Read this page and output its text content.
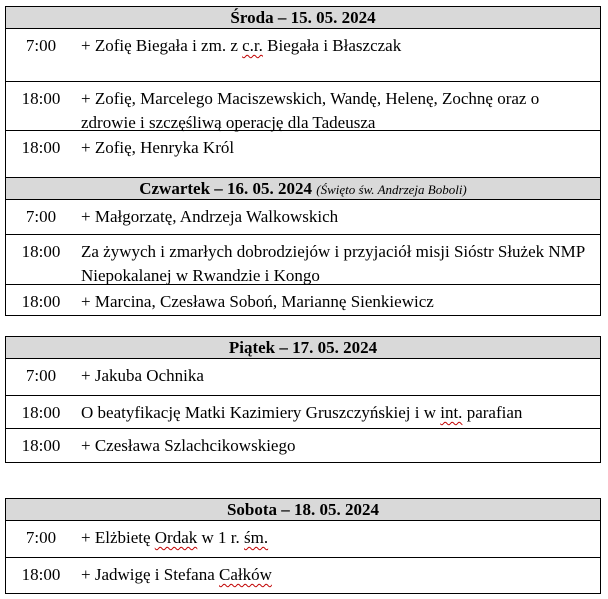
Środa – 15. 05. 2024
7:00	+ Zofię Biegała i zm. z c.r. Biegała i Błaszczak
18:00	+ Zofię, Marcelego Maciszewskich, Wandę, Helenę, Zochnę oraz o zdrowie i szczęśliwą operację dla Tadeusza
18:00	+ Zofię, Henryka Król
Czwartek – 16. 05. 2024 (Święto św. Andrzeja Boboli)
7:00	+ Małgorzatę, Andrzeja Walkowskich
18:00	Za żywych i zmarłych dobrodziejów i przyjaciół misji Sióstr Służek NMP Niepokalanej w Rwandzie i Kongo
18:00	+ Marcina, Czesława Soboń, Mariannę Sienkiewicz
Piątek – 17. 05. 2024
7:00	+ Jakuba Ochnika
18:00	O beatyfikację Matki Kazimiery Gruszczyńskiej i w int. parafian
18:00	+ Czesława Szlachcikowskiego
Sobota – 18. 05. 2024
7:00	+ Elżbietę Ordak w 1 r. śm.
18:00	+ Jadwigę i Stefana Całków
